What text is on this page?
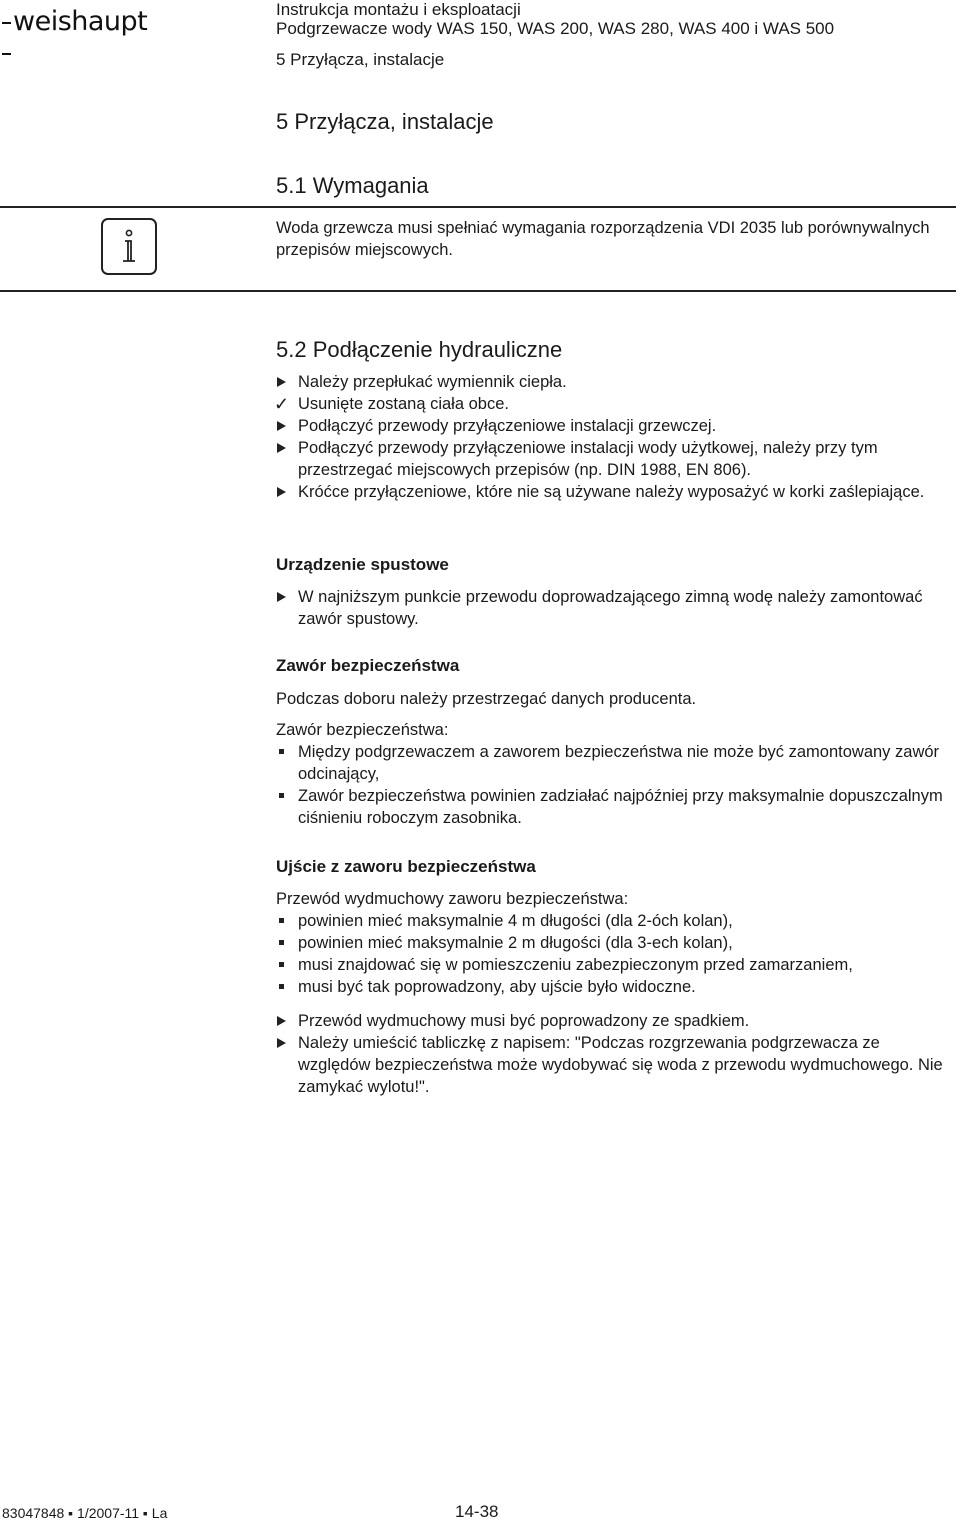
weishaupt	Instrukcja montażu i eksploatacji
Podgrzewacze wody WAS 150, WAS 200, WAS 280, WAS 400 i WAS 500
5 Przyłącza, instalacje
5 Przyłącza, instalacje
5.1 Wymagania
Woda grzewcza musi spełniać wymagania rozporządzenia VDI 2035 lub porównywalnych przepisów miejscowych.
5.2 Podłączenie hydrauliczne
Należy przepłukać wymiennik ciepła.
✓ Usunięte zostaną ciała obce.
Podłączyć przewody przyłączeniowe instalacji grzewczej.
Podłączyć przewody przyłączeniowe instalacji wody użytkowej, należy przy tym przestrzegać miejscowych przepisów (np. DIN 1988, EN 806).
Króćce przyłączeniowe, które nie są używane należy wyposażyć w korki zaślepiające.
Urządzenie spustowe
W najniższym punkcie przewodu doprowadzającego zimną wodę należy zamontować zawór spustowy.
Zawór bezpieczeństwa
Podczas doboru należy przestrzegać danych producenta.
Zawór bezpieczeństwa:
Między podgrzewaczem a zaworem bezpieczeństwa nie może być zamontowany zawór odcinający,
Zawór bezpieczeństwa powinien zadziałać najpóźniej przy maksymalnie dopuszczalnym ciśnieniu roboczym zasobnika.
Ujście z zaworu bezpieczeństwa
Przewód wydmuchowy zaworu bezpieczeństwa:
powinien mieć maksymalnie 4 m długości (dla 2-óch kolan),
powinien mieć maksymalnie 2 m długości (dla 3-ech kolan),
musi znajdować się w pomieszczeniu zabezpieczonym przed zamarzaniem,
musi być tak poprowadzony, aby ujście było widoczne.
Przewód wydmuchowy musi być poprowadzony ze spadkiem.
Należy umieścić tabliczkę z napisem: "Podczas rozgrzewania podgrzewacza ze względów bezpieczeństwa może wydobywać się woda z przewodu wydmuchowego. Nie zamykać wylotu!".
83047848 ▪ 1/2007-11 ▪ La	14-38
